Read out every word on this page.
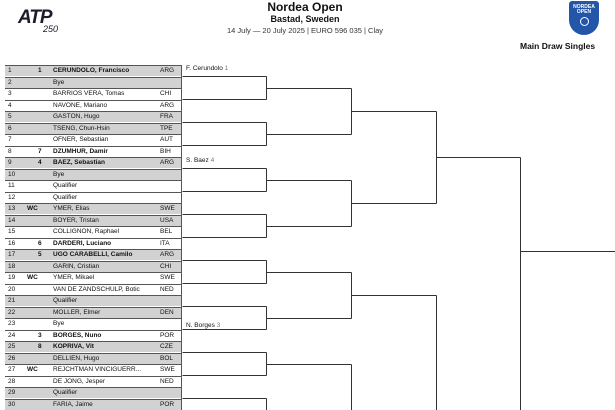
ATP
250
Nordea Open
Bastad, Sweden
14 July — 20 July 2025 | EURO 596 035 | Clay
NORDEA
OPEN
Main Draw Singles
1	1 CERUNDOLO, Francisco	ARG
2	Bye
3	BARRIOS VERA, Tomas	CHI
4	NAVONE, Mariano	ARG
5	GASTON, Hugo	FRA
6	TSENG, Chun-Hsin	TPE
7	OFNER, Sebastian	AUT
8	7 DZUMHUR, Damir	BIH
9	4 BAEZ, Sebastian	ARG
10	Bye
11	Qualifier
12	Qualifier
13 WC YMER, Elias	SWE
14	BOYER, Tristan	USA
15	COLLIGNON, Raphael	BEL
16	6 DARDERI, Luciano	ITA
17	5 UGO CARABELLI, Camilo	ARG
18	GARIN, Cristian	CHI
19 WC YMER, Mikael	SWE
20	VAN DE ZANDSCHULP, Botic	NED
21	Qualifier
22	MOLLER, Elmer	DEN
23	Bye
24	3 BORGES, Nuno	POR
25	8 KOPRIVA, Vit	CZE
26	DELLIEN, Hugo	BOL
27 WC REJCHTMAN VINCIGUERR...	SWE
28	DE JONG, Jesper	NED
29	Qualifier
30	FARIA, Jaime	POR
F. Cerundolo 1
S. Baez 4
N. Borges 3
